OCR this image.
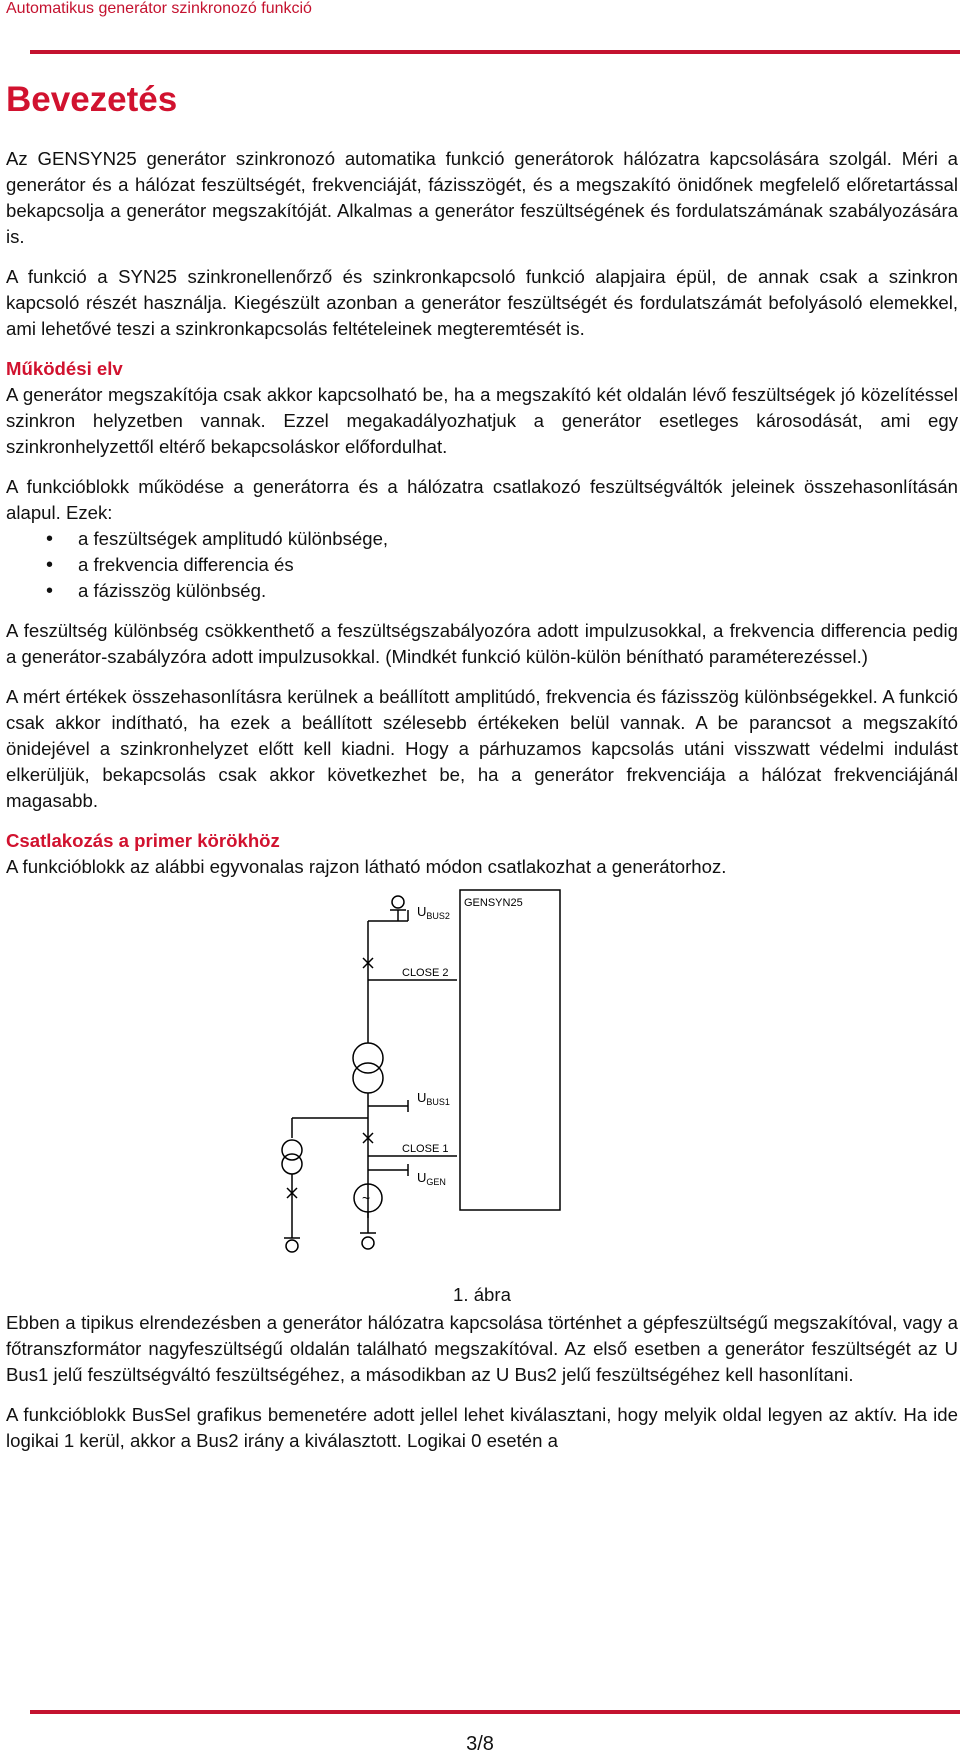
Automatikus generátor szinkronozó funkció
Bevezetés

Az GENSYN25 generátor szinkronozó automatika funkció generátorok hálózatra kapcsolására szolgál. Méri a generátor és a hálózat feszültségét, frekvenciáját, fázisszögét, és a megszakító önidőnek megfelelő előretartással bekapcsolja a generátor megszakítóját. Alkalmas a generátor feszültségének és fordulatszámának szabályozására is.

A funkció a SYN25 szinkronellenőrző és szinkronkapcsoló funkció alapjaira épül, de annak csak a szinkron kapcsoló részét használja. Kiegészült azonban a generátor feszültségét és fordulatszámát befolyásoló elemekkel, ami lehetővé teszi a szinkronkapcsolás feltételeinek megteremtését is.

Működési elv

A generátor megszakítója csak akkor kapcsolható be, ha a megszakító két oldalán lévő feszültségek jó közelítéssel szinkron helyzetben vannak. Ezzel megakadályozhatjuk a generátor esetleges károsodását, ami egy szinkronhelyzettől eltérő bekapcsoláskor előfordulhat.

A funkcióblokk működése a generátorra és a hálózatra csatlakozó feszültségváltók jeleinek összehasonlításán alapul. Ezek:

• a feszültségek amplitudó különbsége,
• a frekvencia differencia és
• a fázisszög különbség.

A feszültség különbség csökkenthető a feszültségszabályozóra adott impulzusokkal, a frekvencia differencia pedig a generátor-szabályzóra adott impulzusokkal. (Mindkét funkció külön-külön bénítható paraméterezéssel.)

A mért értékek összehasonlításra kerülnek a beállított amplitúdó, frekvencia és fázisszög különbségekkel. A funkció csak akkor indítható, ha ezek a beállított szélesebb értékeken belül vannak. A be parancsot a megszakító önidejével a szinkronhelyzet előtt kell kiadni. Hogy a párhuzamos kapcsolás utáni visszwatt védelmi indulást elkerüljük, bekapcsolás csak akkor következhet be, ha a generátor frekvenciája a hálózat frekvenciájánál magasabb.

Csatlakozás a primer körökhöz

A funkcióblokk az alábbi egyvonalas rajzon látható módon csatlakozhat a generátorhoz.

$U_{BUS2}$
GENSYN25
CLOSE 2
$U_{BUS1}$
CLOSE 1
$U_{GEN}$
~
1. ábra

Ebben a tipikus elrendezésben a generátor hálózatra kapcsolása történhet a gépfeszültségű megszakítóval, vagy a főtranszformátor nagyfeszültségű oldalán található megszakítóval. Az első esetben a generátor feszültségét az U Bus1 jelű feszültségváltó feszültségéhez, a másodikban az U Bus2 jelű feszültségéhez kell hasonlítani.

A funkcióblokk BusSel grafikus bemenetére adott jellel lehet kiválasztani, hogy melyik oldal legyen az aktív. Ha ide logikai 1 kerül, akkor a Bus2 irány a kiválasztott. Logikai 0 esetén a

3/8
